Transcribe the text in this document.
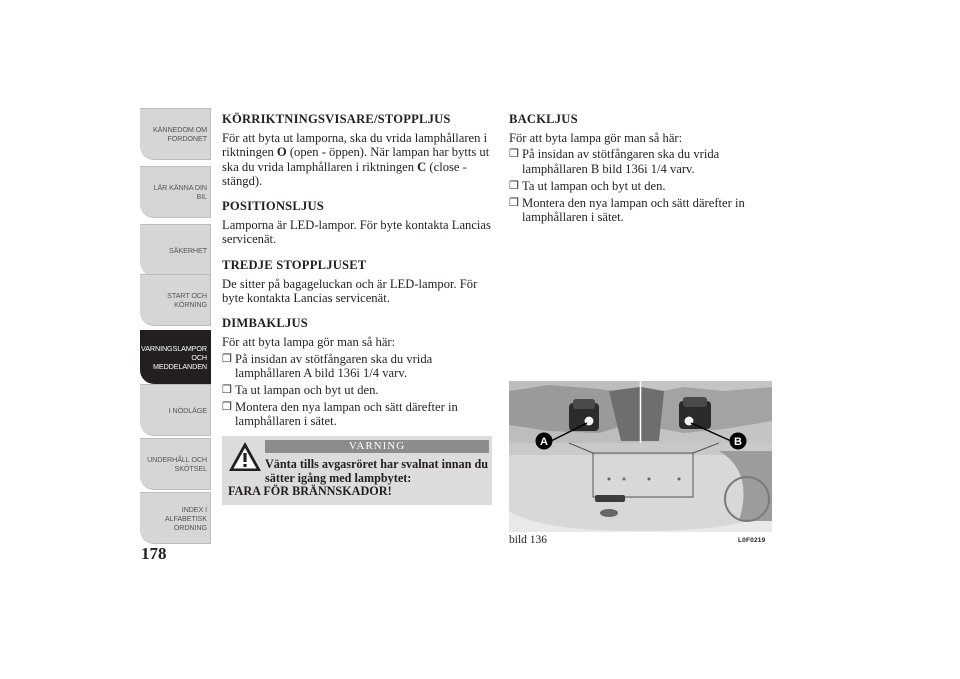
KÄNNEDOM OM
FORDONET
LÄR KÄNNA DIN
BIL
SÄKERHET
START OCH
KÖRNING
VARNINGSLAMPOR
OCH
MEDDELANDEN
I NÖDLÄGE
UNDERHÅLL OCH
SKÖTSEL
INDEX I
ALFABETISK
ORDNING
178
KÖRRIKTNINGSVISARE/STOPPLJUS

För att byta ut lamporna, ska du vrida lamphållaren i riktningen O (open - öppen). När lampan har bytts ut ska du vrida lamphållaren i riktningen C (close - stängd).

POSITIONSLJUS

Lamporna är LED-lampor. För byte kontakta Lancias servicenät.

TREDJE STOPPLJUSET

De sitter på bagageluckan och är LED-lampor. För byte kontakta Lancias servicenät.

DIMBAKLJUS

För att byta lampa gör man så här:

❒ På insidan av stötfångaren ska du vrida lamphållaren A bild 136i 1/4 varv.
❒ Ta ut lampan och byt ut den.
❒ Montera den nya lampan och sätt därefter in lamphållaren i sätet.
VARNING
Vänta tills avgasröret har svalnat innan du sätter igång med lampbytet:
FARA FÖR BRÄNNSKADOR!
BACKLJUS

För att byta lampa gör man så här:

❒ På insidan av stötfångaren ska du vrida lamphållaren B bild 136i 1/4 varv.
❒ Ta ut lampan och byt ut den.
❒ Montera den nya lampan och sätt därefter in lamphållaren i sätet.
A	B
bild 136	L0F0219
